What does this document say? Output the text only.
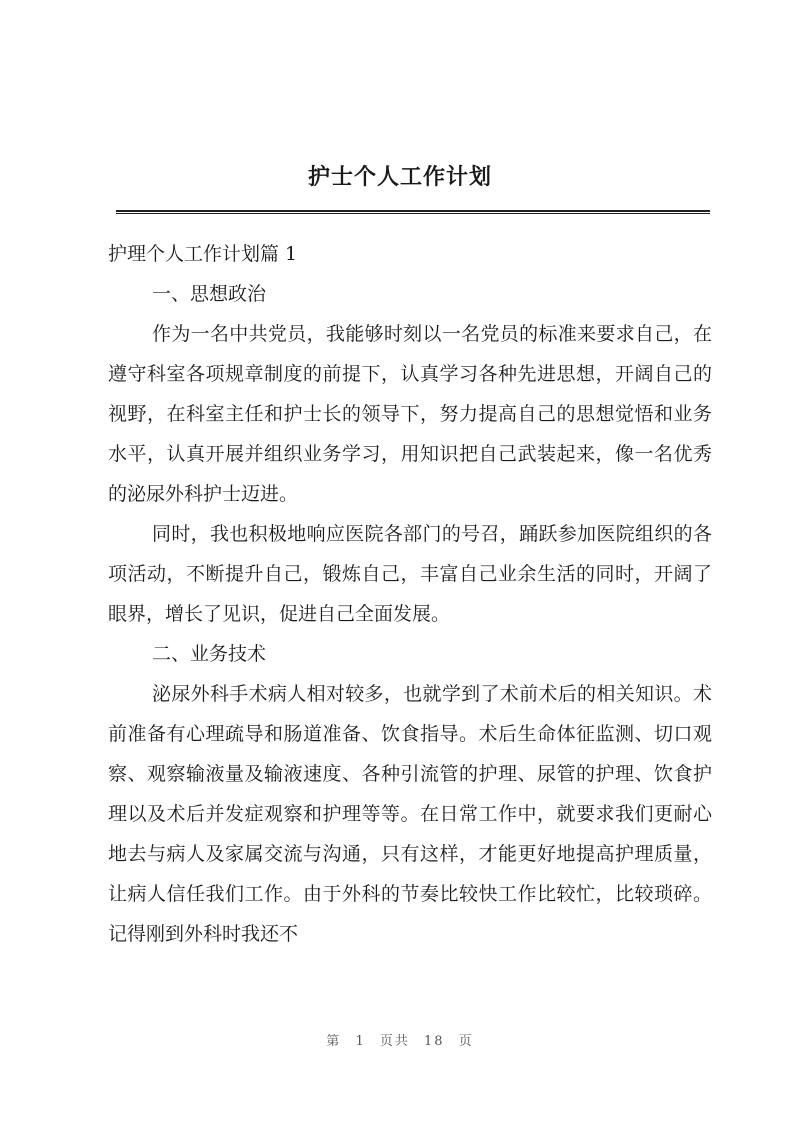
护士个人工作计划

护理个人工作计划篇 1

一、思想政治

作为一名中共党员，我能够时刻以一名党员的标准来要求自己，在遵守科室各项规章制度的前提下，认真学习各种先进思想，开阔自己的视野，在科室主任和护士长的领导下，努力提高自己的思想觉悟和业务水平，认真开展并组织业务学习，用知识把自己武装起来，像一名优秀的泌尿外科护士迈进。

同时，我也积极地响应医院各部门的号召，踊跃参加医院组织的各项活动，不断提升自己，锻炼自己，丰富自己业余生活的同时，开阔了眼界，增长了见识，促进自己全面发展。

二、业务技术

泌尿外科手术病人相对较多，也就学到了术前术后的相关知识。术前准备有心理疏导和肠道准备、饮食指导。术后生命体征监测、切口观察、观察输液量及输液速度、各种引流管的护理、尿管的护理、饮食护理以及术后并发症观察和护理等等。在日常工作中，就要求我们更耐心地去与病人及家属交流与沟通，只有这样，才能更好地提高护理质量，让病人信任我们工作。由于外科的节奏比较快工作比较忙，比较琐碎。记得刚到外科时我还不

第 1 页共 18 页
